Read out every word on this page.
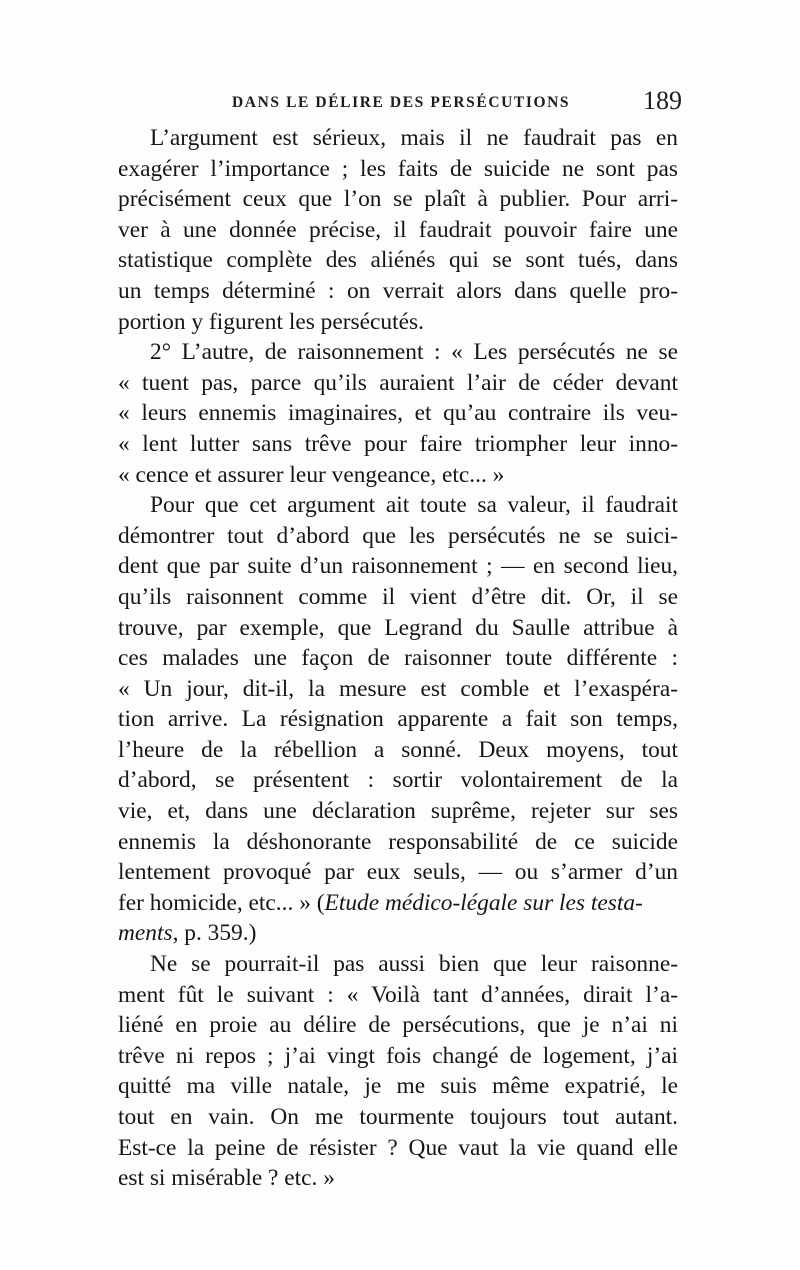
DANS LE DÉLIRE DES PERSÉCUTIONS	189
L’argument est sérieux, mais il ne faudrait pas en
exagérer l’importance ; les faits de suicide ne sont pas
précisément ceux que l’on se plaît à publier. Pour arri-
ver à une donnée précise, il faudrait pouvoir faire une
statistique complète des aliénés qui se sont tués, dans
un temps déterminé : on verrait alors dans quelle pro-
portion y figurent les persécutés.
2° L’autre, de raisonnement : « Les persécutés ne se
« tuent pas, parce qu’ils auraient l’air de céder devant
« leurs ennemis imaginaires, et qu’au contraire ils veu-
« lent lutter sans trêve pour faire triompher leur inno-
« cence et assurer leur vengeance, etc... »
Pour que cet argument ait toute sa valeur, il faudrait
démontrer tout d’abord que les persécutés ne se suici-
dent que par suite d’un raisonnement ; — en second lieu,
qu’ils raisonnent comme il vient d’être dit. Or, il se
trouve, par exemple, que Legrand du Saulle attribue à
ces malades une façon de raisonner toute différente :
« Un jour, dit-il, la mesure est comble et l’exaspéra-
tion arrive. La résignation apparente a fait son temps,
l’heure de la rébellion a sonné. Deux moyens, tout
d’abord, se présentent : sortir volontairement de la
vie, et, dans une déclaration suprême, rejeter sur ses
ennemis la déshonorante responsabilité de ce suicide
lentement provoqué par eux seuls, — ou s’armer d’un
fer homicide, etc... » (Etude médico-légale sur les testa-
ments, p. 359.)
Ne se pourrait-il pas aussi bien que leur raisonne-
ment fût le suivant : « Voilà tant d’années, dirait l’a-
liéné en proie au délire de persécutions, que je n’ai ni
trêve ni repos ; j’ai vingt fois changé de logement, j’ai
quitté ma ville natale, je me suis même expatrié, le
tout en vain. On me tourmente toujours tout autant.
Est-ce la peine de résister ? Que vaut la vie quand elle
est si misérable ? etc. »
